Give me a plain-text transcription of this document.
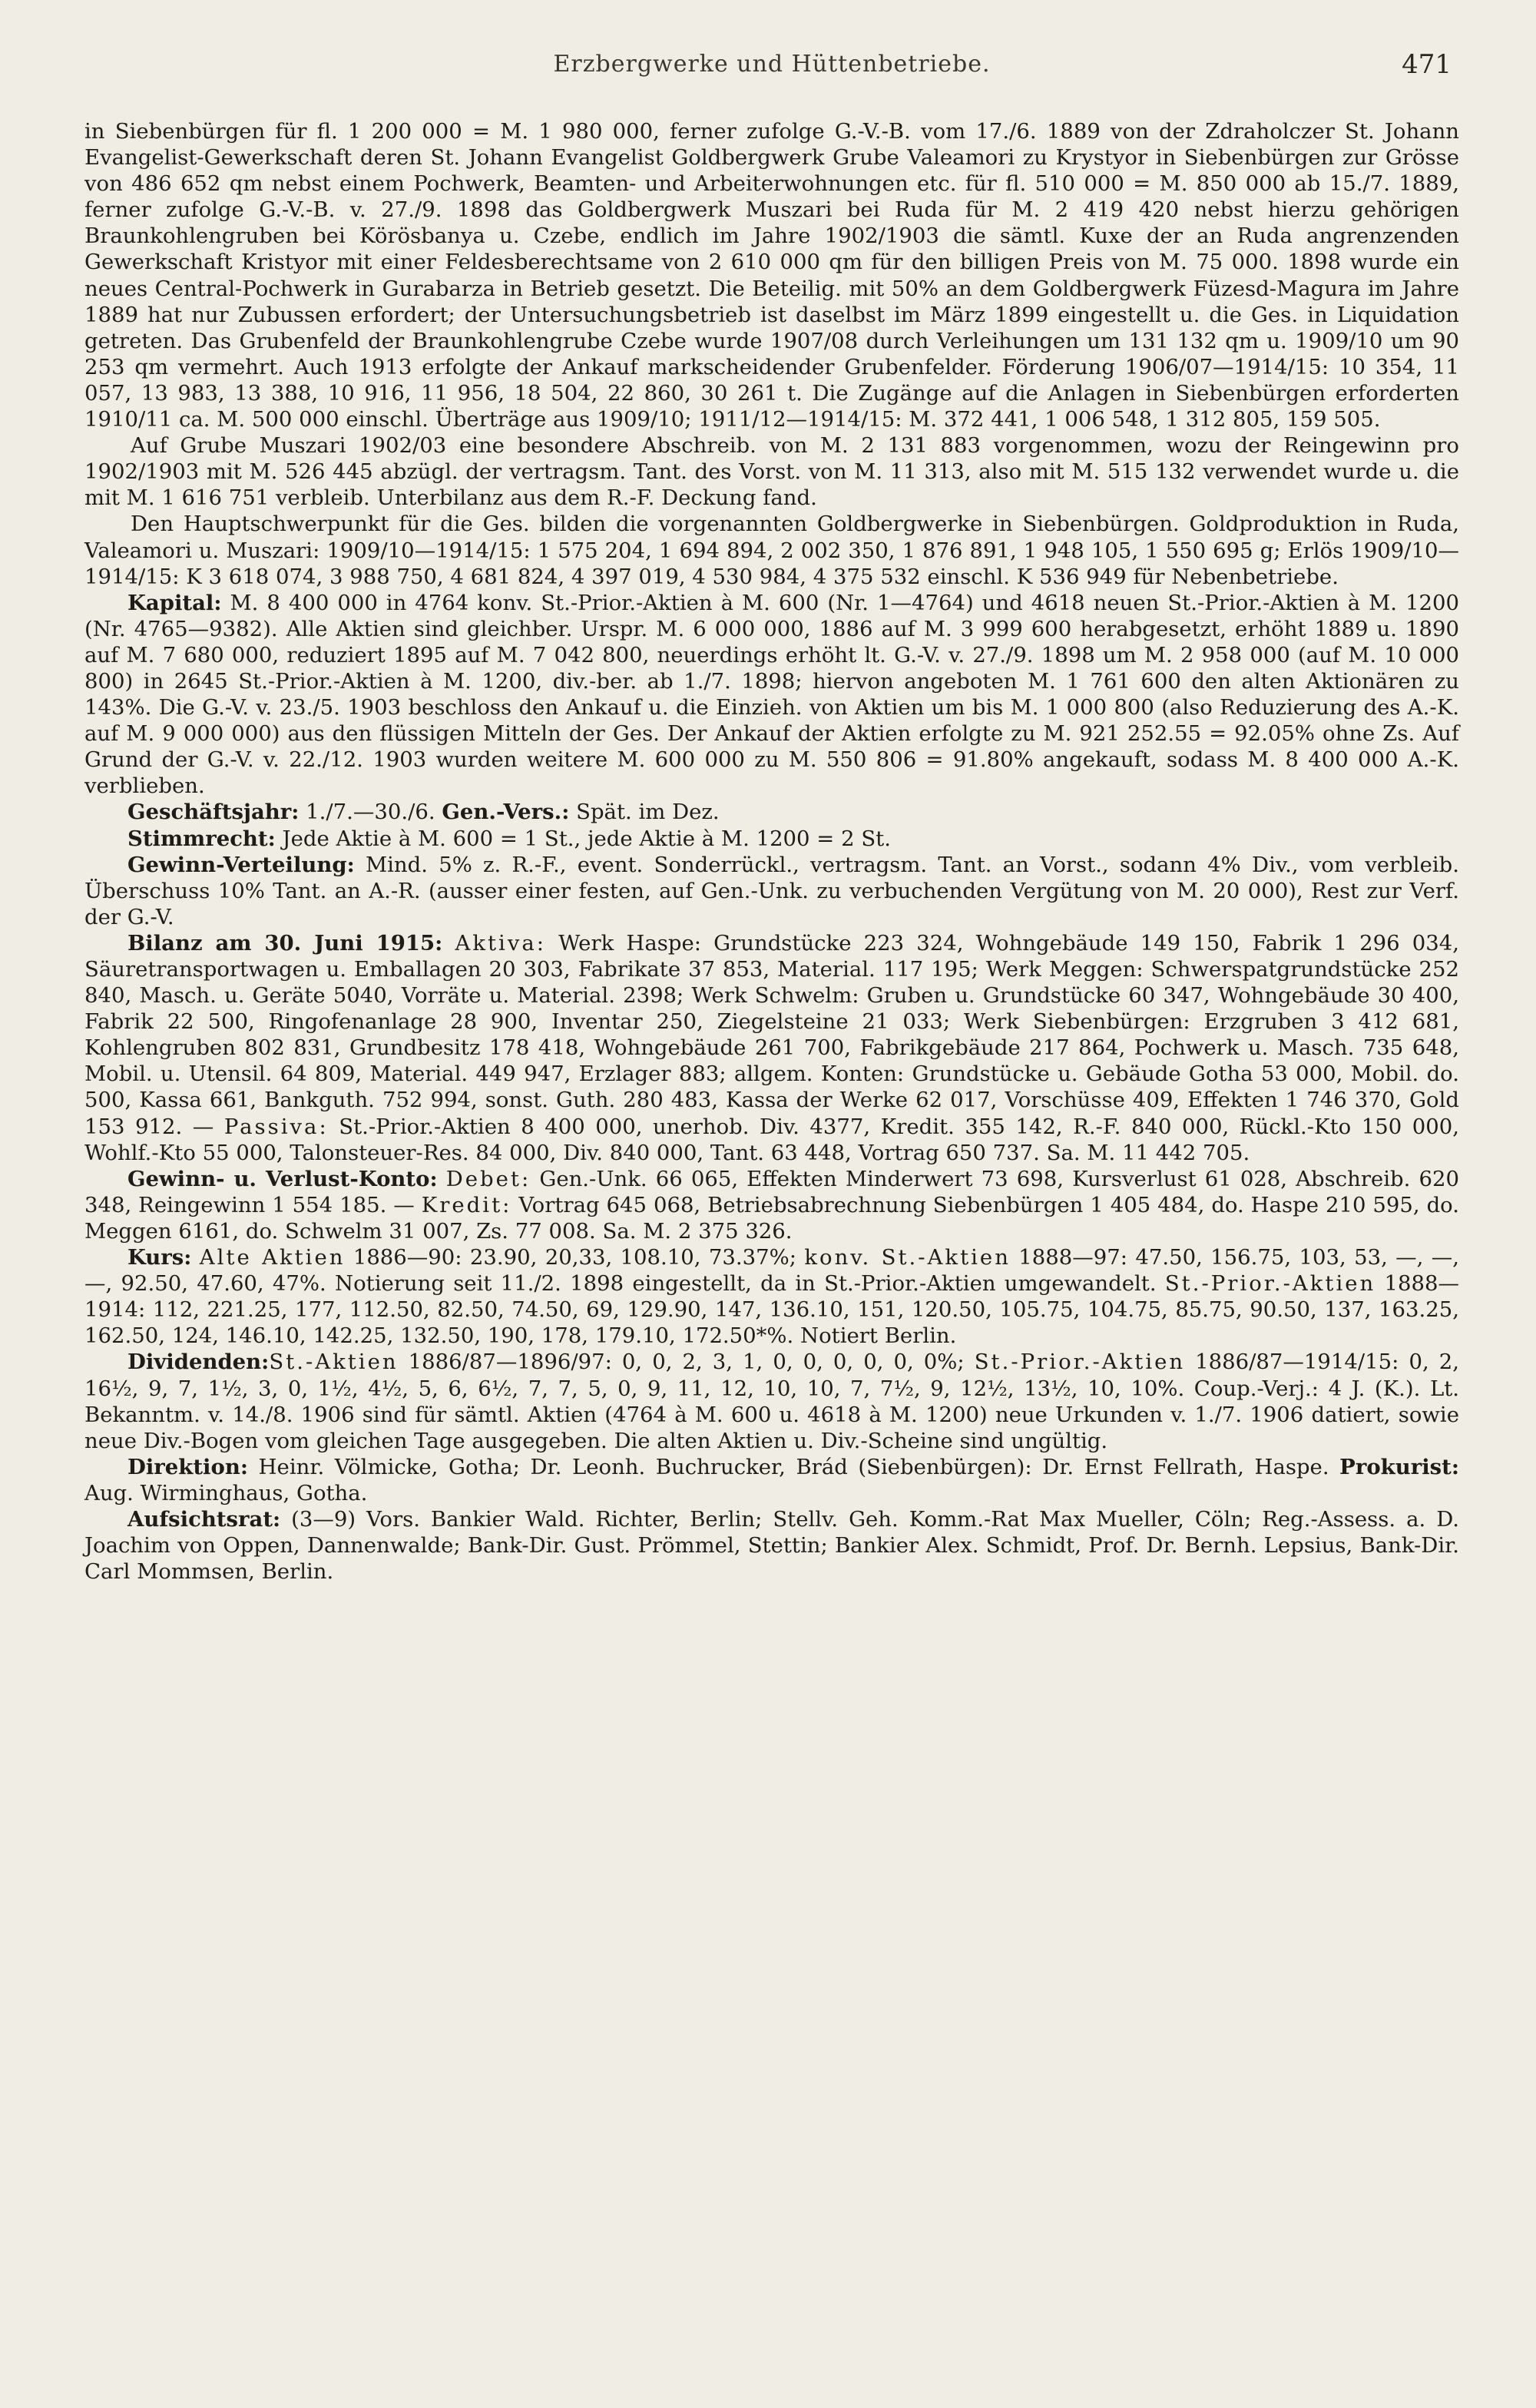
Erzbergwerke und Hüttenbetriebe.	471

in Siebenbürgen für fl. 1 200 000 = M. 1 980 000, ferner zufolge G.-V.-B. vom 17./6. 1889 von der Zdraholczer St. Johann Evangelist-Gewerkschaft deren St. Johann Evangelist Goldbergwerk Grube Valeamori zu Krystyor in Siebenbürgen zur Grösse von 486 652 qm nebst einem Pochwerk, Beamten- und Arbeiterwohnungen etc. für fl. 510 000 = M. 850 000 ab 15./7. 1889, ferner zufolge G.-V.-B. v. 27./9. 1898 das Goldbergwerk Muszari bei Ruda für M. 2 419 420 nebst hierzu gehörigen Braunkohlengruben bei Körösbanya u. Czebe, endlich im Jahre 1902/1903 die sämtl. Kuxe der an Ruda angrenzenden Gewerkschaft Kristyor mit einer Feldesberechtsame von 2 610 000 qm für den billigen Preis von M. 75 000. 1898 wurde ein neues Central-Pochwerk in Gurabarza in Betrieb gesetzt. Die Beteilig. mit 50% an dem Goldbergwerk Füzesd-Magura im Jahre 1889 hat nur Zubussen erfordert; der Untersuchungsbetrieb ist daselbst im März 1899 eingestellt u. die Ges. in Liquidation getreten. Das Grubenfeld der Braunkohlengrube Czebe wurde 1907/08 durch Verleihungen um 131 132 qm u. 1909/10 um 90 253 qm vermehrt. Auch 1913 erfolgte der Ankauf markscheidender Grubenfelder. Förderung 1906/07—1914/15: 10 354, 11 057, 13 983, 13 388, 10 916, 11 956, 18 504, 22 860, 30 261 t. Die Zugänge auf die Anlagen in Siebenbürgen erforderten 1910/11 ca. M. 500 000 einschl. Überträge aus 1909/10; 1911/12—1914/15: M. 372 441, 1 006 548, 1 312 805, 159 505.

Auf Grube Muszari 1902/03 eine besondere Abschreib. von M. 2 131 883 vorgenommen, wozu der Reingewinn pro 1902/1903 mit M. 526 445 abzügl. der vertragsm. Tant. des Vorst. von M. 11 313, also mit M. 515 132 verwendet wurde u. die mit M. 1 616 751 verbleib. Unterbilanz aus dem R.-F. Deckung fand.

Den Hauptschwerpunkt für die Ges. bilden die vorgenannten Goldbergwerke in Siebenbürgen. Goldproduktion in Ruda, Valeamori u. Muszari: 1909/10—1914/15: 1 575 204, 1 694 894, 2 002 350, 1 876 891, 1 948 105, 1 550 695 g; Erlös 1909/10—1914/15: K 3 618 074, 3 988 750, 4 681 824, 4 397 019, 4 530 984, 4 375 532 einschl. K 536 949 für Nebenbetriebe.

Kapital: M. 8 400 000 in 4764 konv. St.-Prior.-Aktien à M. 600 (Nr. 1—4764) und 4618 neuen St.-Prior.-Aktien à M. 1200 (Nr. 4765—9382). Alle Aktien sind gleichber. Urspr. M. 6 000 000, 1886 auf M. 3 999 600 herabgesetzt, erhöht 1889 u. 1890 auf M. 7 680 000, reduziert 1895 auf M. 7 042 800, neuerdings erhöht lt. G.-V. v. 27./9. 1898 um M. 2 958 000 (auf M. 10 000 800) in 2645 St.-Prior.-Aktien à M. 1200, div.-ber. ab 1./7. 1898; hiervon angeboten M. 1 761 600 den alten Aktionären zu 143%. Die G.-V. v. 23./5. 1903 beschloss den Ankauf u. die Einzieh. von Aktien um bis M. 1 000 800 (also Reduzierung des A.-K. auf M. 9 000 000) aus den flüssigen Mitteln der Ges. Der Ankauf der Aktien erfolgte zu M. 921 252.55 = 92.05% ohne Zs. Auf Grund der G.-V. v. 22./12. 1903 wurden weitere M. 600 000 zu M. 550 806 = 91.80% angekauft, sodass M. 8 400 000 A.-K. verblieben.

Geschäftsjahr: 1./7.—30./6. Gen.-Vers.: Spät. im Dez.

Stimmrecht: Jede Aktie à M. 600 = 1 St., jede Aktie à M. 1200 = 2 St.

Gewinn-Verteilung: Mind. 5% z. R.-F., event. Sonderrückl., vertragsm. Tant. an Vorst., sodann 4% Div., vom verbleib. Überschuss 10% Tant. an A.-R. (ausser einer festen, auf Gen.-Unk. zu verbuchenden Vergütung von M. 20 000), Rest zur Verf. der G.-V.

Bilanz am 30. Juni 1915: Aktiva: Werk Haspe: Grundstücke 223 324, Wohngebäude 149 150, Fabrik 1 296 034, Säuretransportwagen u. Emballagen 20 303, Fabrikate 37 853, Material. 117 195; Werk Meggen: Schwerspatgrundstücke 252 840, Masch. u. Geräte 5040, Vorräte u. Material. 2398; Werk Schwelm: Gruben u. Grundstücke 60 347, Wohngebäude 30 400, Fabrik 22 500, Ringofenanlage 28 900, Inventar 250, Ziegelsteine 21 033; Werk Siebenbürgen: Erzgruben 3 412 681, Kohlengruben 802 831, Grundbesitz 178 418, Wohngebäude 261 700, Fabrikgebäude 217 864, Pochwerk u. Masch. 735 648, Mobil. u. Utensil. 64 809, Material. 449 947, Erzlager 883; allgem. Konten: Grundstücke u. Gebäude Gotha 53 000, Mobil. do. 500, Kassa 661, Bankguth. 752 994, sonst. Guth. 280 483, Kassa der Werke 62 017, Vorschüsse 409, Effekten 1 746 370, Gold 153 912. — Passiva: St.-Prior.-Aktien 8 400 000, unerhob. Div. 4377, Kredit. 355 142, R.-F. 840 000, Rückl.-Kto 150 000, Wohlf.-Kto 55 000, Talonsteuer-Res. 84 000, Div. 840 000, Tant. 63 448, Vortrag 650 737. Sa. M. 11 442 705.

Gewinn- u. Verlust-Konto: Debet: Gen.-Unk. 66 065, Effekten Minderwert 73 698, Kursverlust 61 028, Abschreib. 620 348, Reingewinn 1 554 185. — Kredit: Vortrag 645 068, Betriebsabrechnung Siebenbürgen 1 405 484, do. Haspe 210 595, do. Meggen 6161, do. Schwelm 31 007, Zs. 77 008. Sa. M. 2 375 326.

Kurs: Alte Aktien 1886—90: 23.90, 20,33, 108.10, 73.37%; konv. St.-Aktien 1888—97: 47.50, 156.75, 103, 53, —, —, —, 92.50, 47.60, 47%. Notierung seit 11./2. 1898 eingestellt, da in St.-Prior.-Aktien umgewandelt. St.-Prior.-Aktien 1888—1914: 112, 221.25, 177, 112.50, 82.50, 74.50, 69, 129.90, 147, 136.10, 151, 120.50, 105.75, 104.75, 85.75, 90.50, 137, 163.25, 162.50, 124, 146.10, 142.25, 132.50, 190, 178, 179.10, 172.50*%. Notiert Berlin.

Dividenden:St.-Aktien 1886/87—1896/97: 0, 0, 2, 3, 1, 0, 0, 0, 0, 0, 0%; St.-Prior.-Aktien 1886/87—1914/15: 0, 2, 16½, 9, 7, 1½, 3, 0, 1½, 4½, 5, 6, 6½, 7, 7, 5, 0, 9, 11, 12, 10, 10, 7, 7½, 9, 12½, 13½, 10, 10%. Coup.-Verj.: 4 J. (K.). Lt. Bekanntm. v. 14./8. 1906 sind für sämtl. Aktien (4764 à M. 600 u. 4618 à M. 1200) neue Urkunden v. 1./7. 1906 datiert, sowie neue Div.-Bogen vom gleichen Tage ausgegeben. Die alten Aktien u. Div.-Scheine sind ungültig.

Direktion: Heinr. Völmicke, Gotha; Dr. Leonh. Buchrucker, Brád (Siebenbürgen): Dr. Ernst Fellrath, Haspe. Prokurist: Aug. Wirminghaus, Gotha.

Aufsichtsrat: (3—9) Vors. Bankier Wald. Richter, Berlin; Stellv. Geh. Komm.-Rat Max Mueller, Cöln; Reg.-Assess. a. D. Joachim von Oppen, Dannenwalde; Bank-Dir. Gust. Prömmel, Stettin; Bankier Alex. Schmidt, Prof. Dr. Bernh. Lepsius, Bank-Dir. Carl Mommsen, Berlin.
